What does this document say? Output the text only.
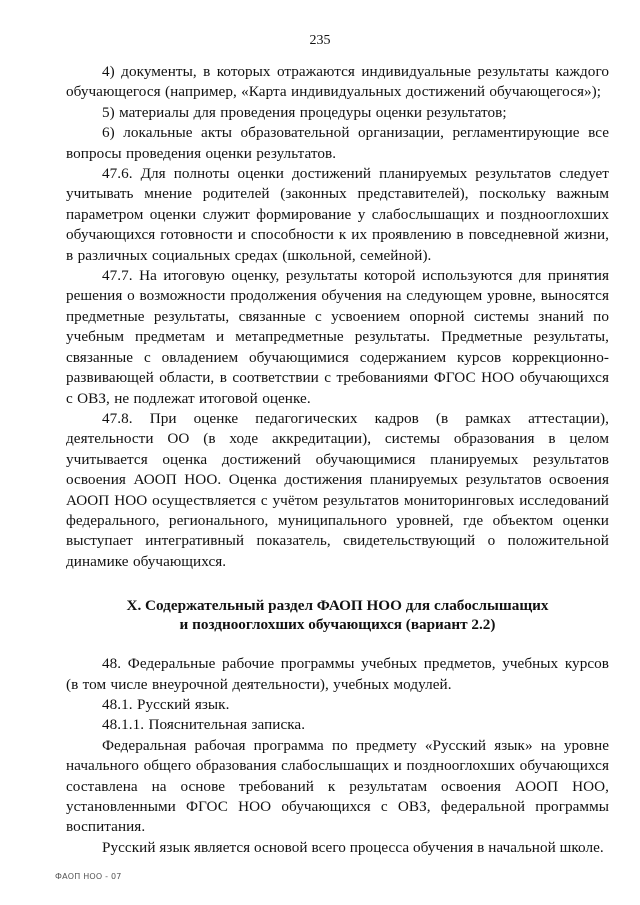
235

4) документы, в которых отражаются индивидуальные результаты каждого обучающегося (например, «Карта индивидуальных достижений обучающегося»);

5) материалы для проведения процедуры оценки результатов;

6) локальные акты образовательной организации, регламентирующие все вопросы проведения оценки результатов.

47.6. Для полноты оценки достижений планируемых результатов следует учитывать мнение родителей (законных представителей), поскольку важным параметром оценки служит формирование у слабослышащих и позднооглохших обучающихся готовности и способности к их проявлению в повседневной жизни, в различных социальных средах (школьной, семейной).

47.7. На итоговую оценку, результаты которой используются для принятия решения о возможности продолжения обучения на следующем уровне, выносятся предметные результаты, связанные с усвоением опорной системы знаний по учебным предметам и метапредметные результаты. Предметные результаты, связанные с овладением обучающимися содержанием курсов коррекционно-развивающей области, в соответствии с требованиями ФГОС НОО обучающихся с ОВЗ, не подлежат итоговой оценке.

47.8. При оценке педагогических кадров (в рамках аттестации), деятельности ОО (в ходе аккредитации), системы образования в целом учитывается оценка достижений обучающимися планируемых результатов освоения АООП НОО. Оценка достижения планируемых результатов освоения АООП НОО осуществляется с учётом результатов мониторинговых исследований федерального, регионального, муниципального уровней, где объектом оценки выступает интегративный показатель, свидетельствующий о положительной динамике обучающихся.

X. Содержательный раздел ФАОП НОО для слабослышащих
и позднооглохших обучающихся (вариант 2.2)

48. Федеральные рабочие программы учебных предметов, учебных курсов (в том числе внеурочной деятельности), учебных модулей.

48.1. Русский язык.

48.1.1. Пояснительная записка.

Федеральная рабочая программа по предмету «Русский язык» на уровне начального общего образования слабослышащих и позднооглохших обучающихся составлена на основе требований к результатам освоения АООП НОО, установленными ФГОС НОО обучающихся с ОВЗ, федеральной программы воспитания.

Русский язык является основой всего процесса обучения в начальной школе.

ФАОП НОО - 07
